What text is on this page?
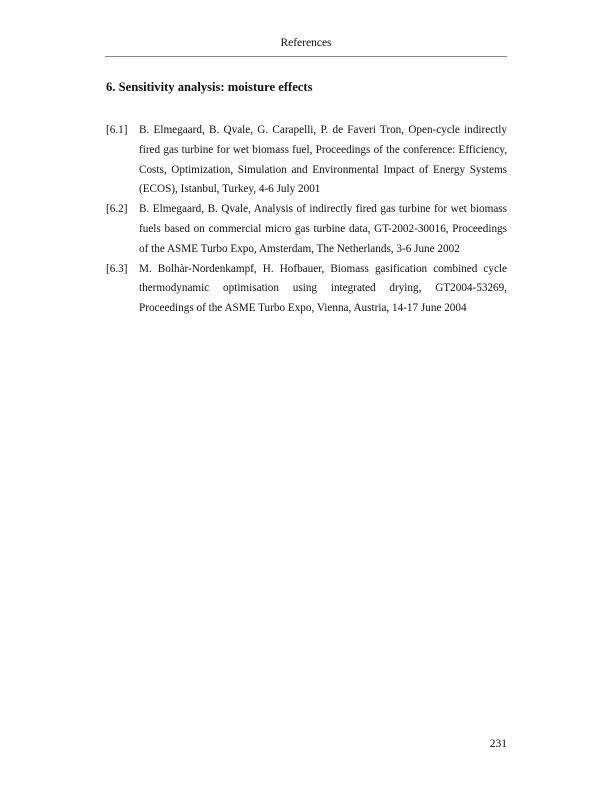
References
6. Sensitivity analysis: moisture effects
[6.1]	B. Elmegaard, B. Qvale, G. Carapelli, P. de Faveri Tron, Open-cycle indirectly fired gas turbine for wet biomass fuel, Proceedings of the conference: Efficiency, Costs, Optimization, Simulation and Environmental Impact of Energy Systems (ECOS), Istanbul, Turkey, 4-6 July 2001
[6.2]	B. Elmegaard, B. Qvale, Analysis of indirectly fired gas turbine for wet biomass fuels based on commercial micro gas turbine data, GT-2002-30016, Proceedings of the ASME Turbo Expo, Amsterdam, The Netherlands, 3-6 June 2002
[6.3]	M. Bolhàr-Nordenkampf, H. Hofbauer, Biomass gasification combined cycle thermodynamic optimisation using integrated drying, GT2004-53269, Proceedings of the ASME Turbo Expo, Vienna, Austria, 14-17 June 2004
231
